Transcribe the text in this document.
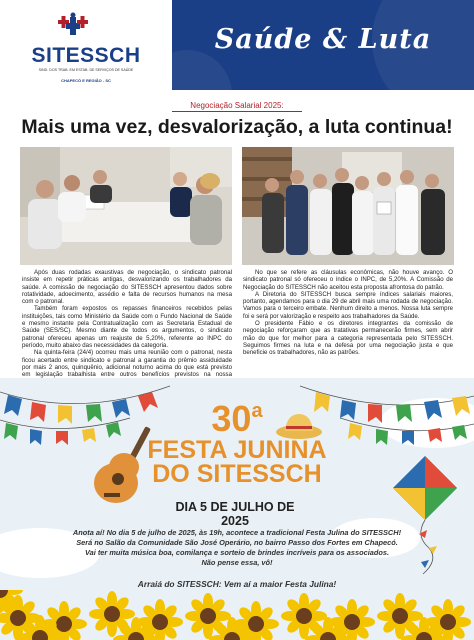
SITESSCH
SIND. DOS TRAB. EM ESTAB. DE SERVIÇOS DE SAÚDE
CHAPECÓ E REGIÃO - SC
Saúde & Luta
Negociação Salarial 2025:
Mais uma vez, desvalorização, a luta continua!

Após duas rodadas exaustivas de negociação, o sindicato patronal insiste em repetir práticas antigas, desvalorizando os trabalhadores da saúde. A comissão de negociação do SITESSCH apresentou dados sobre rotatividade, adoecimento, assédio e falta de recursos humanos na mesa com o patronal.

Também foram expostos os repasses financeiros recebidos pelas instituições, tais como Ministério da Saúde com o Fundo Nacional de Saúde e mesmo instante pela Contratualização com as Secretaria Estadual de Saúde (SES/SC). Mesmo diante de todos os argumentos, o sindicato patronal ofereceu apenas um reajuste de 5,20%, referente ao INPC do período, muito abaixo das necessidades da categoria.

Na quinta-feira (24/4) ocorreu mais uma reunião com o patronal, nesta ficou acertado entre sindicato e patronal a garantia do prêmio assiduidade por mais 2 anos, quinquênio, adicional noturno acima do que está previsto em legislação trabalhista entre outros benefícios previstos na nossa

No que se refere as cláusulas econômicas, não houve avanço. O sindicato patronal só ofereceu o índice o INPC, de 5,20%. A Comissão de Negociação do SITESSCH não aceitou esta proposta afrontosa do patrão.

A Diretoria do SITESSCH busca sempre índices salariais maiores, portanto, agendamos para o dia 29 de abril mais uma rodada de negociação. Vamos para o terceiro embate. Nenhum direito a menos. Nossa luta sempre foi e será por valorização e respeito aos trabalhadores da Saúde.

O presidente Fábio e os diretores integrantes da comissão de negociação reforçaram que as tratativas permanecerão firmes, sem abrir mão do que for melhor para a categoria representada pelo SITESSCH. Seguimos firmes na luta e na defesa por uma negociação justa e que beneficie os trabalhadores, não as patrões.

30$^a$
FESTA JUNINA
DO SITESSCH
DIA 5 DE JULHO DE 2025
Anota aí! No dia 5 de julho de 2025, às 19h, acontece a tradicional Festa Julina do SITESSCH!
Será no Salão da Comunidade São José Operário, no bairro Passo dos Fortes em Chapecó.
Vai ter muita música boa, comilança e sorteio de brindes incríveis para os associados.
Não pense essa, vô!
Arraiá do SITESSCH: Vem aí a maior Festa Julina!
